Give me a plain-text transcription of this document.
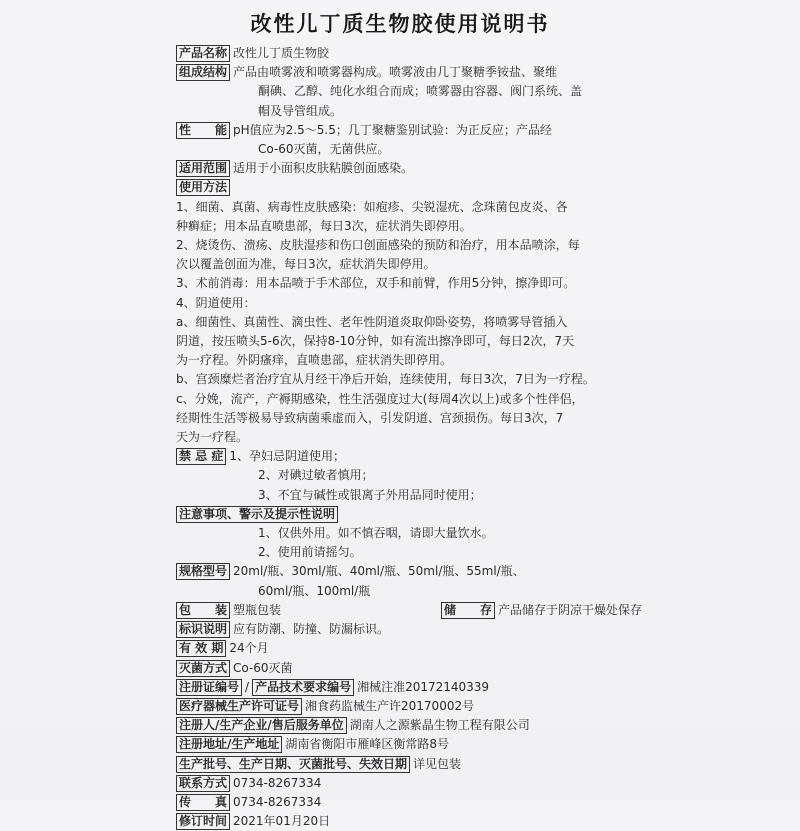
改性儿丁质生物胶使用说明书
产品名称 改性儿丁质生物胶
组成结构 产品由喷雾液和喷雾器构成。喷雾液由几丁聚糖季铵盐、聚维
酮碘、乙醇、纯化水组合而成；喷雾器由容器、阀门系统、盖
帽及导管组成。
性　　能 pH值应为2.5～5.5；几丁聚糖鉴别试验：为正反应；产品经
Co-60灭菌，无菌供应。
适用范围 适用于小面积皮肤粘膜创面感染。
使用方法
1、细菌、真菌、病毒性皮肤感染：如疱疹、尖锐湿疣、念珠菌包皮炎、各
种癣症；用本品直喷患部，每日3次，症状消失即停用。
2、烧烫伤、溃疡、皮肤湿疹和伤口创面感染的预防和治疗，用本品喷涂，每
次以覆盖创面为准，每日3次，症状消失即停用。
3、术前消毒：用本品喷于手术部位，双手和前臂，作用5分钟，擦净即可。
4、阴道使用：
a、细菌性、真菌性、滴虫性、老年性阴道炎取仰卧姿势，将喷雾导管插入
阴道，按压喷头5-6次，保持8-10分钟，如有流出擦净即可，每日2次，7天
为一疗程。外阴瘙痒，直喷患部，症状消失即停用。
b、宫颈糜烂者治疗宜从月经干净后开始，连续使用，每日3次，7日为一疗程。
c、分娩，流产，产褥期感染，性生活强度过大(每周4次以上)或多个性伴侣，
经期性生活等极易导致病菌乘虚而入，引发阴道、宫颈损伤。每日3次，7
天为一疗程。
禁 忌 症 1、孕妇忌阴道使用；
2、对碘过敏者慎用；
3、不宜与碱性或银离子外用品同时使用；
注意事项、警示及提示性说明
1、仅供外用。如不慎吞咽，请即大量饮水。
2、使用前请摇匀。
规格型号 20ml/瓶、30ml/瓶、40ml/瓶、50ml/瓶、55ml/瓶、
60ml/瓶、100ml/瓶
包　　装 塑瓶包装	储　　存 产品储存于阴凉干燥处保存
标识说明 应有防潮、防撞、防漏标识。
有 效 期 24个月
灭菌方式 Co-60灭菌
注册证编号 / 产品技术要求编号 湘械注准20172140339
医疗器械生产许可证号 湘食药监械生产许20170002号
注册人/生产企业/售后服务单位 湖南人之源紫晶生物工程有限公司
注册地址/生产地址 湖南省衡阳市雁峰区衡常路8号
生产批号、生产日期、灭菌批号、失效日期 详见包装
联系方式 0734-8267334
传　　真 0734-8267334
修订时间 2021年01月20日
